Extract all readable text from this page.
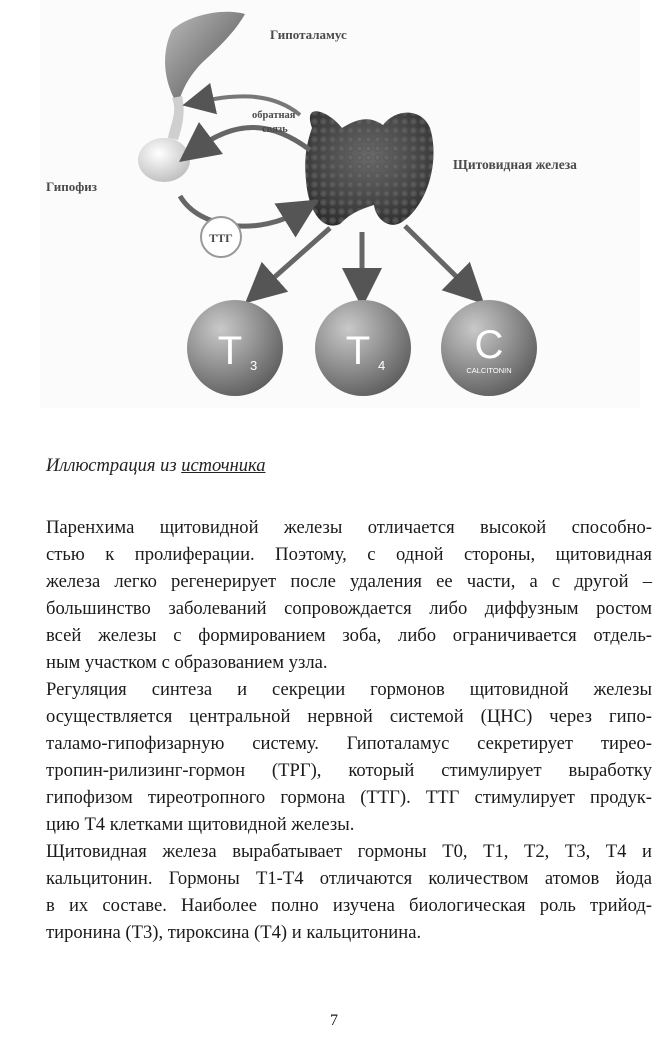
ТТГ
T 3 T 4 C
CALCITONIN
Гипоталамус
обратная
связь
Щитовидная железа
Гипофиз
Иллюстрация из источника

Паренхима щитовидной железы отличается высокой способно-
стью к пролиферации. Поэтому, с одной стороны, щитовидная
железа легко регенерирует после удаления ее части, а с другой –
большинство заболеваний сопровождается либо диффузным ростом
всей железы с формированием зоба, либо ограничивается отдель-
ным участком с образованием узла.

Регуляция синтеза и секреции гормонов щитовидной железы
осуществляется центральной нервной системой (ЦНС) через гипо-
таламо-гипофизарную систему. Гипоталамус секретирует тирео-
тропин-рилизинг-гормон (ТРГ), который стимулирует выработку
гипофизом тиреотропного гормона (ТТГ). ТТГ стимулирует продук-
цию Т4 клетками щитовидной железы.

Щитовидная железа вырабатывает гормоны Т0, Т1, Т2, Т3, Т4 и
кальцитонин. Гормоны Т1-Т4 отличаются количеством атомов йода
в их составе. Наиболее полно изучена биологическая роль трийод-
тиронина (Т3), тироксина (Т4) и кальцитонина.

7
